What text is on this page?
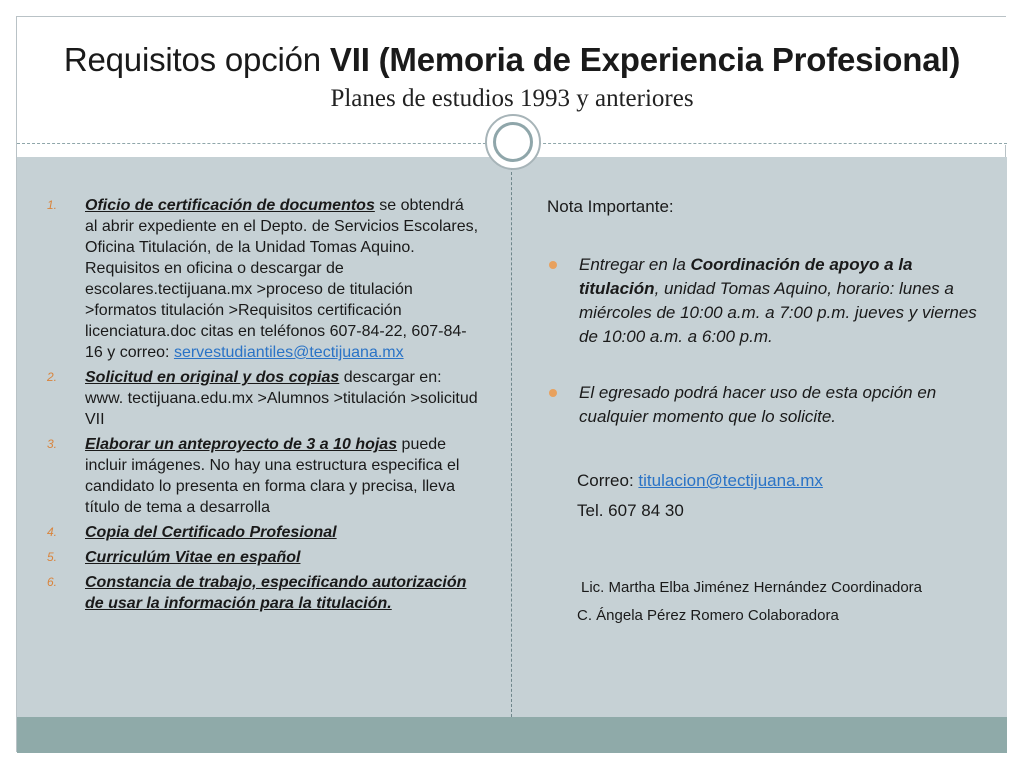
Requisitos opción VII (Memoria de Experiencia Profesional)
Planes de estudios 1993 y anteriores
1. Oficio de certificación de documentos se obtendrá al abrir expediente en el Depto. de Servicios Escolares, Oficina Titulación, de la Unidad Tomas Aquino. Requisitos en oficina o descargar de escolares.tectijuana.mx >proceso de titulación >formatos titulación >Requisitos certificación licenciatura.doc citas en teléfonos 607-84-22, 607-84-16 y correo: servestudiantiles@tectijuana.mx
2. Solicitud en original y dos copias descargar en: www. tectijuana.edu.mx >Alumnos >titulación >solicitud VII
3. Elaborar un anteproyecto de 3 a 10 hojas puede incluir imágenes. No hay una estructura especifica el candidato lo presenta en forma clara y precisa, lleva título de tema a desarrolla
4. Copia del Certificado Profesional
5. Curriculúm Vitae en español
6. Constancia de trabajo, especificando autorización de usar la información para la titulación.
Nota Importante:
Entregar en la Coordinación de apoyo a la titulación, unidad Tomas Aquino, horario: lunes a miércoles de 10:00 a.m. a 7:00 p.m. jueves y viernes de 10:00 a.m. a 6:00 p.m.
El egresado podrá hacer uso de esta opción en cualquier momento que lo solicite.
Correo: titulacion@tectijuana.mx
Tel. 607 84 30
Lic. Martha Elba Jiménez Hernández Coordinadora
C. Ángela Pérez Romero Colaboradora
